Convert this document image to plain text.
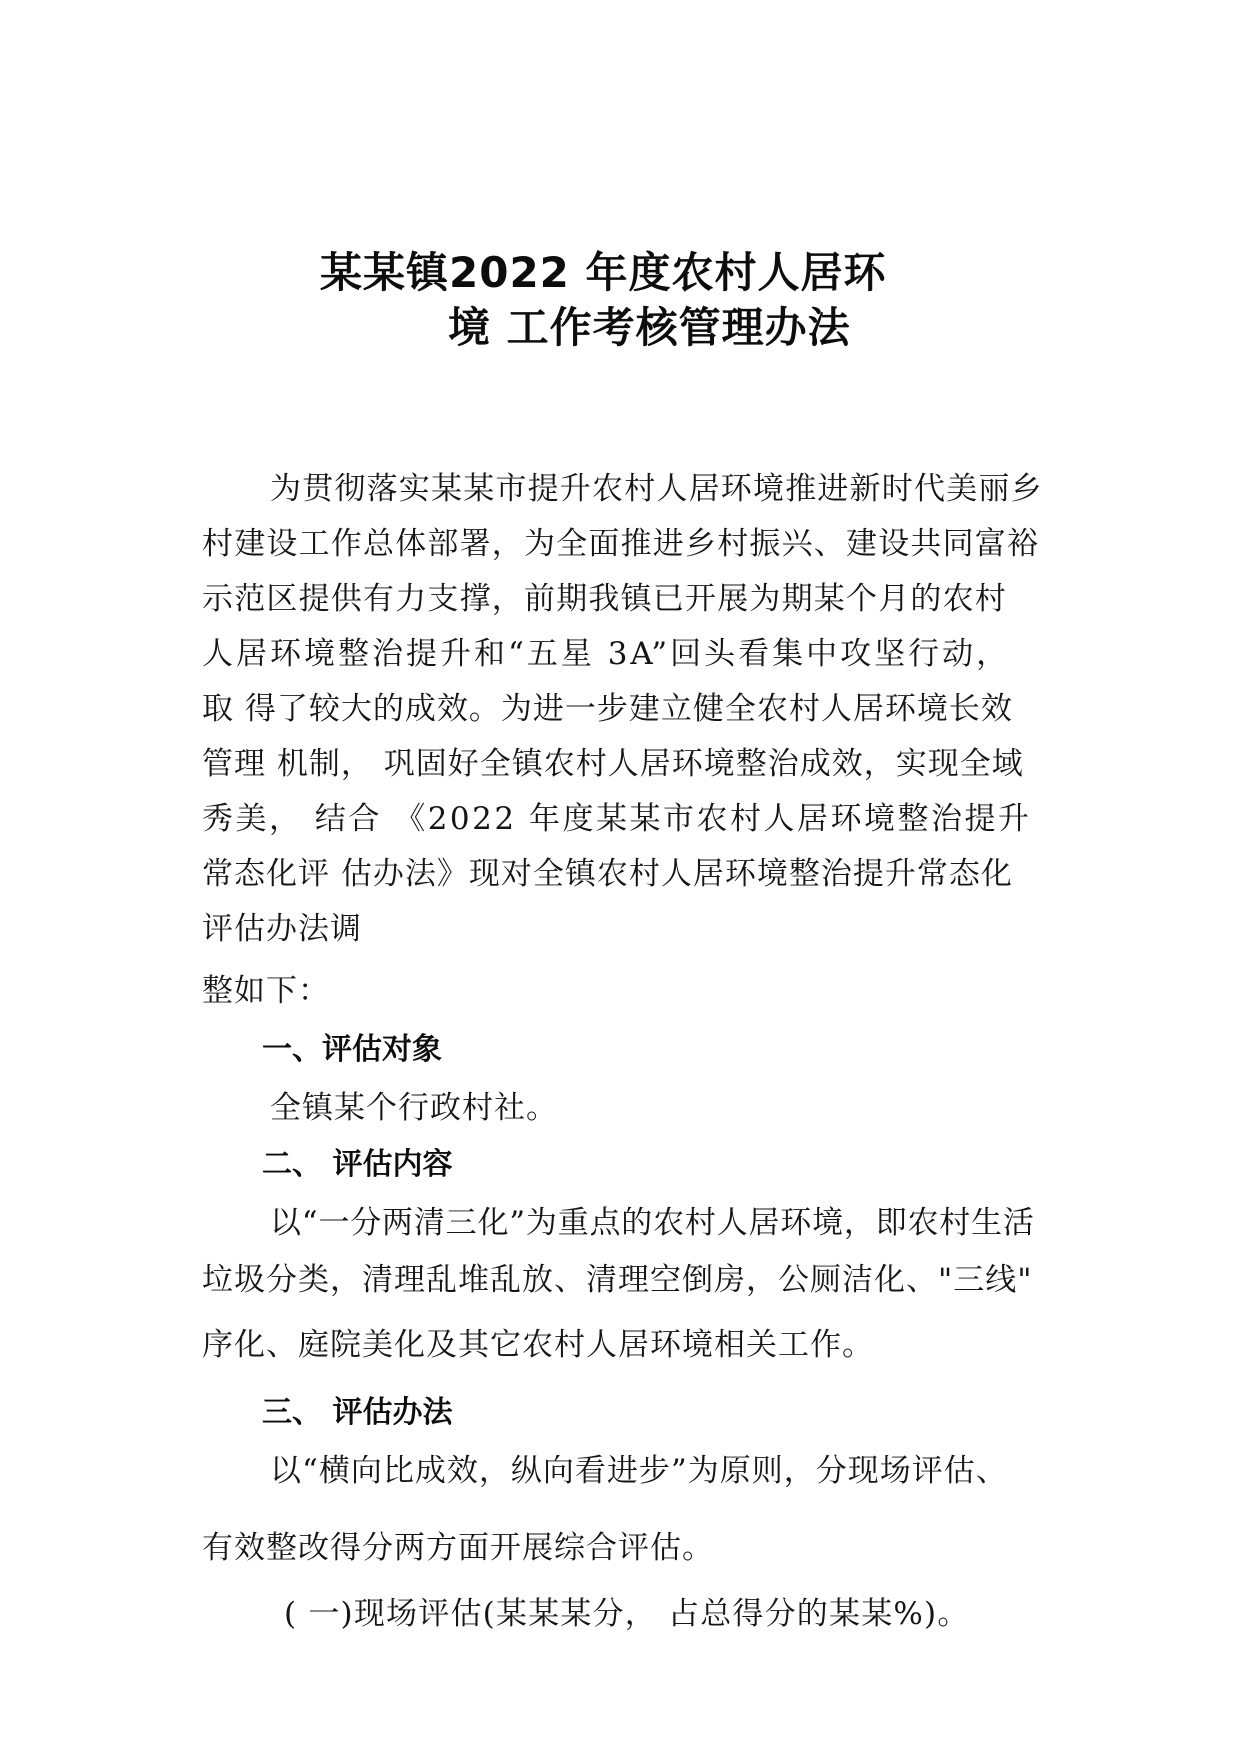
某某镇2022 年度农村人居环
境 工作考核管理办法
为贯彻落实某某市提升农村人居环境推进新时代美丽乡
村建设工作总体部署，为全面推进乡村振兴、建设共同富裕
示范区提供有力支撑，前期我镇已开展为期某个月的农村
人居环境整治提升和“五星 3A”回头看集中攻坚行动，
取 得了较大的成效。为进一步建立健全农村人居环境长效
管理 机制， 巩固好全镇农村人居环境整治成效，实现全域
秀美， 结合 《2022 年度某某市农村人居环境整治提升
常态化评 估办法》现对全镇农村人居环境整治提升常态化
评估办法调
整如下：
一、评估对象
全镇某个行政村社。
二、 评估内容
以“一分两清三化”为重点的农村人居环境，即农村生活
垃圾分类，清理乱堆乱放、清理空倒房，公厕洁化、"三线"
序化、庭院美化及其它农村人居环境相关工作。
三、 评估办法
以“横向比成效，纵向看进步”为原则，分现场评估、
有效整改得分两方面开展综合评估。
( 一)现场评估(某某某分， 占总得分的某某%)。
